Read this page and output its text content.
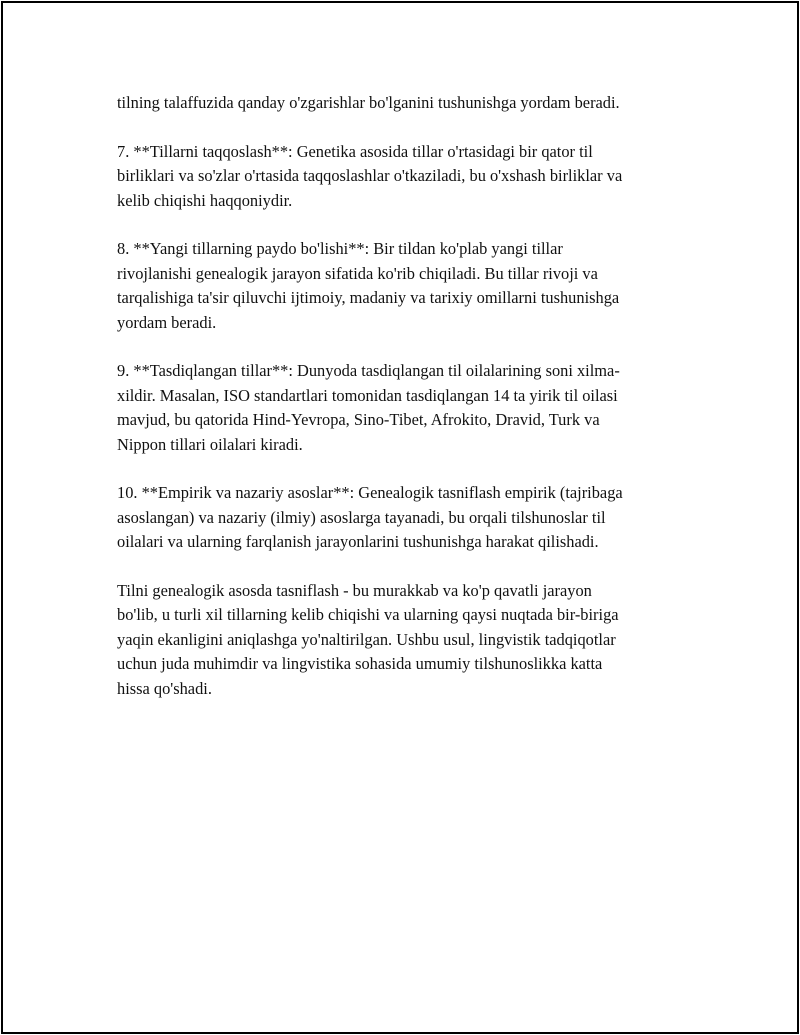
tilning talaffuzida qanday o'zgarishlar bo'lganini tushunishga yordam beradi.

7. **Tillarni taqqoslash**: Genetika asosida tillar o'rtasidagi bir qator til
birliklari va so'zlar o'rtasida taqqoslashlar o'tkaziladi, bu o'xshash birliklar va
kelib chiqishi haqqoniydir.

8. **Yangi tillarning paydo bo'lishi**: Bir tildan ko'plab yangi tillar
rivojlanishi genealogik jarayon sifatida ko'rib chiqiladi. Bu tillar rivoji va
tarqalishiga ta'sir qiluvchi ijtimoiy, madaniy va tarixiy omillarni tushunishga
yordam beradi.

9. **Tasdiqlangan tillar**: Dunyoda tasdiqlangan til oilalarining soni xilma-
xildir. Masalan, ISO standartlari tomonidan tasdiqlangan 14 ta yirik til oilasi
mavjud, bu qatorida Hind-Yevropa, Sino-Tibet, Afrokito, Dravid, Turk va
Nippon tillari oilalari kiradi.

10. **Empirik va nazariy asoslar**: Genealogik tasniflash empirik (tajribaga
asoslangan) va nazariy (ilmiy) asoslarga tayanadi, bu orqali tilshunoslar til
oilalari va ularning farqlanish jarayonlarini tushunishga harakat qilishadi.

Tilni genealogik asosda tasniflash - bu murakkab va ko'p qavatli jarayon
bo'lib, u turli xil tillarning kelib chiqishi va ularning qaysi nuqtada bir-biriga
yaqin ekanligini aniqlashga yo'naltirilgan. Ushbu usul, lingvistik tadqiqotlar
uchun juda muhimdir va lingvistika sohasida umumiy tilshunoslikka katta
hissa qo'shadi.
